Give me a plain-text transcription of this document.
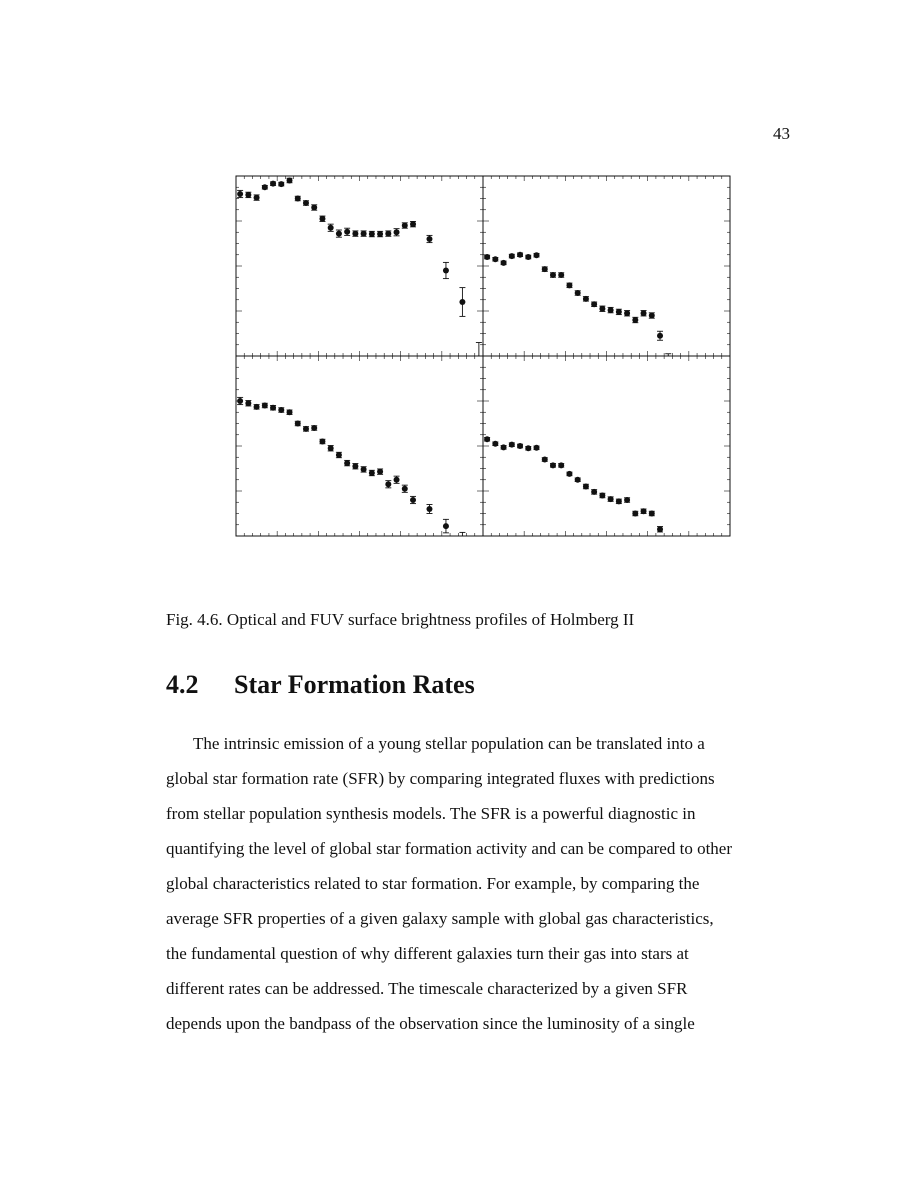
43
Fig. 4.6. Optical and FUV surface brightness profiles of Holmberg II
4.2 Star Formation Rates
The intrinsic emission of a young stellar population can be translated into a
global star formation rate (SFR) by comparing integrated fluxes with predictions
from stellar population synthesis models. The SFR is a powerful diagnostic in
quantifying the level of global star formation activity and can be compared to other
global characteristics related to star formation. For example, by comparing the
average SFR properties of a given galaxy sample with global gas characteristics,
the fundamental question of why different galaxies turn their gas into stars at
different rates can be addressed. The timescale characterized by a given SFR
depends upon the bandpass of the observation since the luminosity of a single
